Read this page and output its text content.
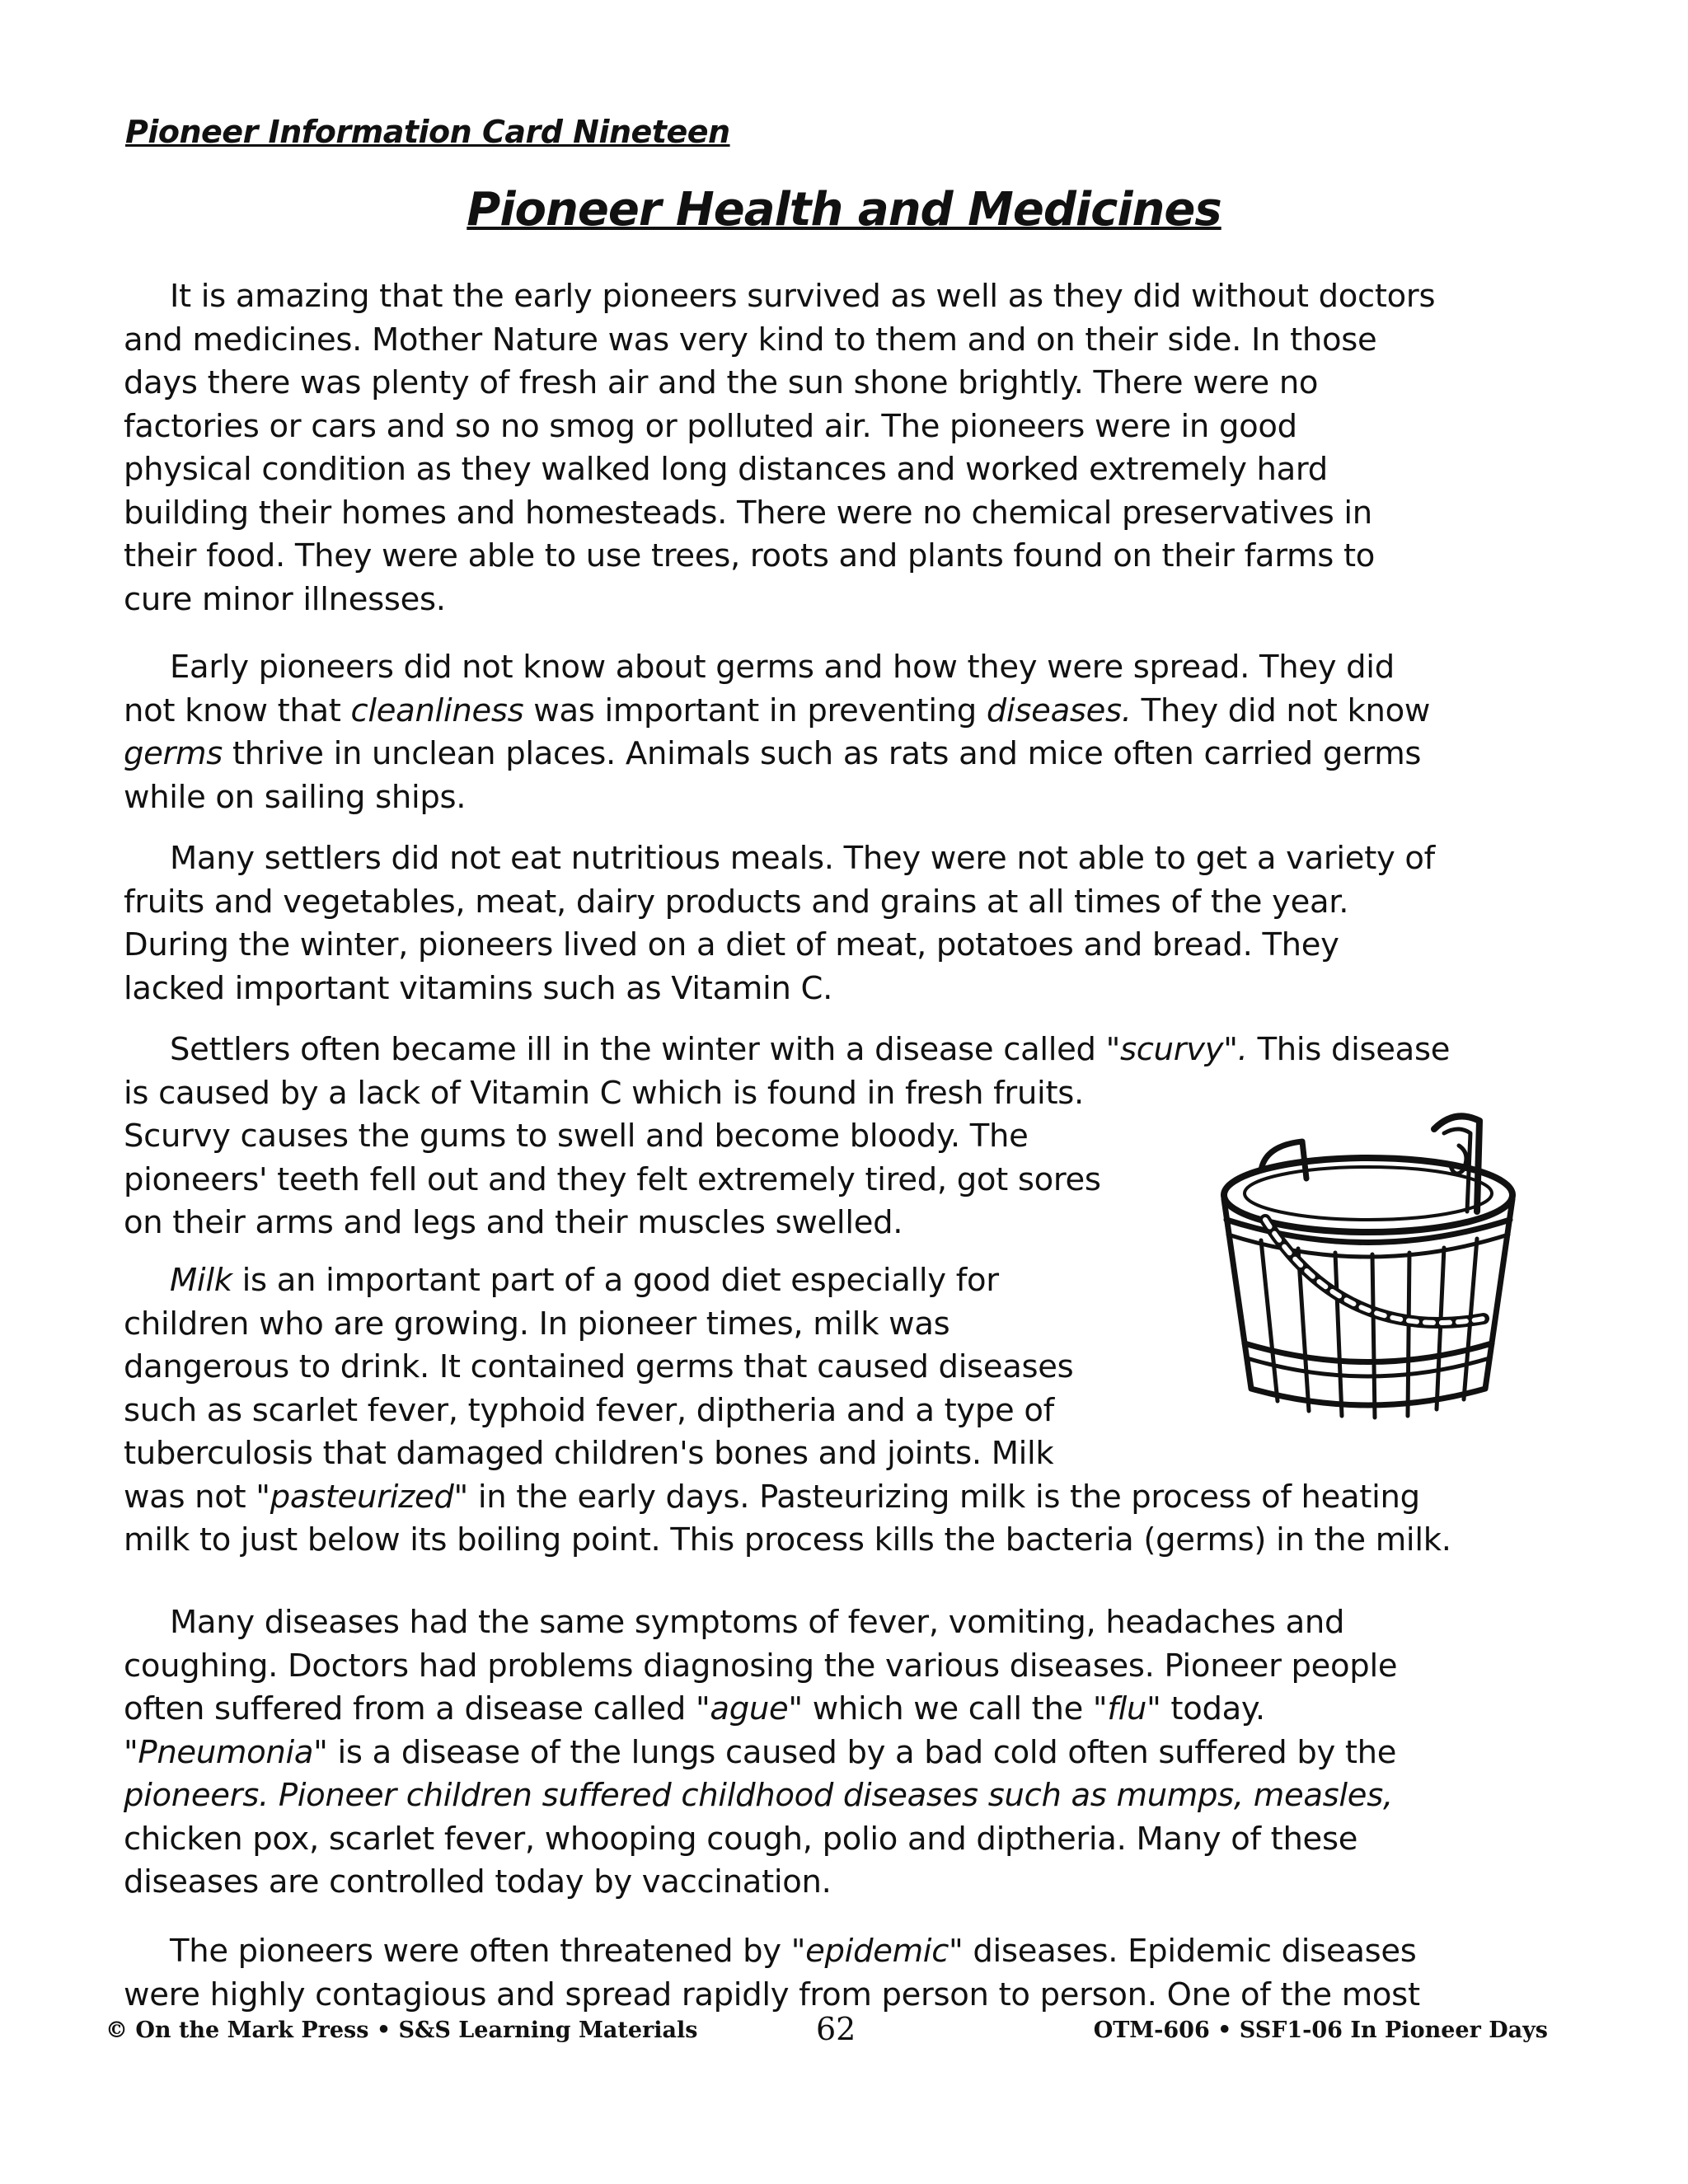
Pioneer Information Card Nineteen
Pioneer Health and Medicines

It is amazing that the early pioneers survived as well as they did without doctors
and medicines. Mother Nature was very kind to them and on their side. In those
days there was plenty of fresh air and the sun shone brightly. There were no
factories or cars and so no smog or polluted air. The pioneers were in good
physical condition as they walked long distances and worked extremely hard
building their homes and homesteads. There were no chemical preservatives in
their food. They were able to use trees, roots and plants found on their farms to
cure minor illnesses.

Early pioneers did not know about germs and how they were spread. They did
not know that cleanliness was important in preventing diseases. They did not know
germs thrive in unclean places. Animals such as rats and mice often carried germs
while on sailing ships.

Many settlers did not eat nutritious meals. They were not able to get a variety of
fruits and vegetables, meat, dairy products and grains at all times of the year.
During the winter, pioneers lived on a diet of meat, potatoes and bread. They
lacked important vitamins such as Vitamin C.

Settlers often became ill in the winter with a disease called "scurvy". This disease
is caused by a lack of Vitamin C which is found in fresh fruits.
Scurvy causes the gums to swell and become bloody. The
pioneers' teeth fell out and they felt extremely tired, got sores
on their arms and legs and their muscles swelled.

Milk is an important part of a good diet especially for
children who are growing. In pioneer times, milk was
dangerous to drink. It contained germs that caused diseases
such as scarlet fever, typhoid fever, diptheria and a type of
tuberculosis that damaged children's bones and joints. Milk
was not "pasteurized" in the early days. Pasteurizing milk is the process of heating
milk to just below its boiling point. This process kills the bacteria (germs) in the milk.

Many diseases had the same symptoms of fever, vomiting, headaches and
coughing. Doctors had problems diagnosing the various diseases. Pioneer people
often suffered from a disease called "ague" which we call the "flu" today.
"Pneumonia" is a disease of the lungs caused by a bad cold often suffered by the
pioneers. Pioneer children suffered childhood diseases such as mumps, measles,
chicken pox, scarlet fever, whooping cough, polio and diptheria. Many of these
diseases are controlled today by vaccination.

The pioneers were often threatened by "epidemic" diseases. Epidemic diseases
were highly contagious and spread rapidly from person to person. One of the most

© On the Mark Press • S&S Learning Materials	62	OTM-606 • SSF1-06 In Pioneer Days
